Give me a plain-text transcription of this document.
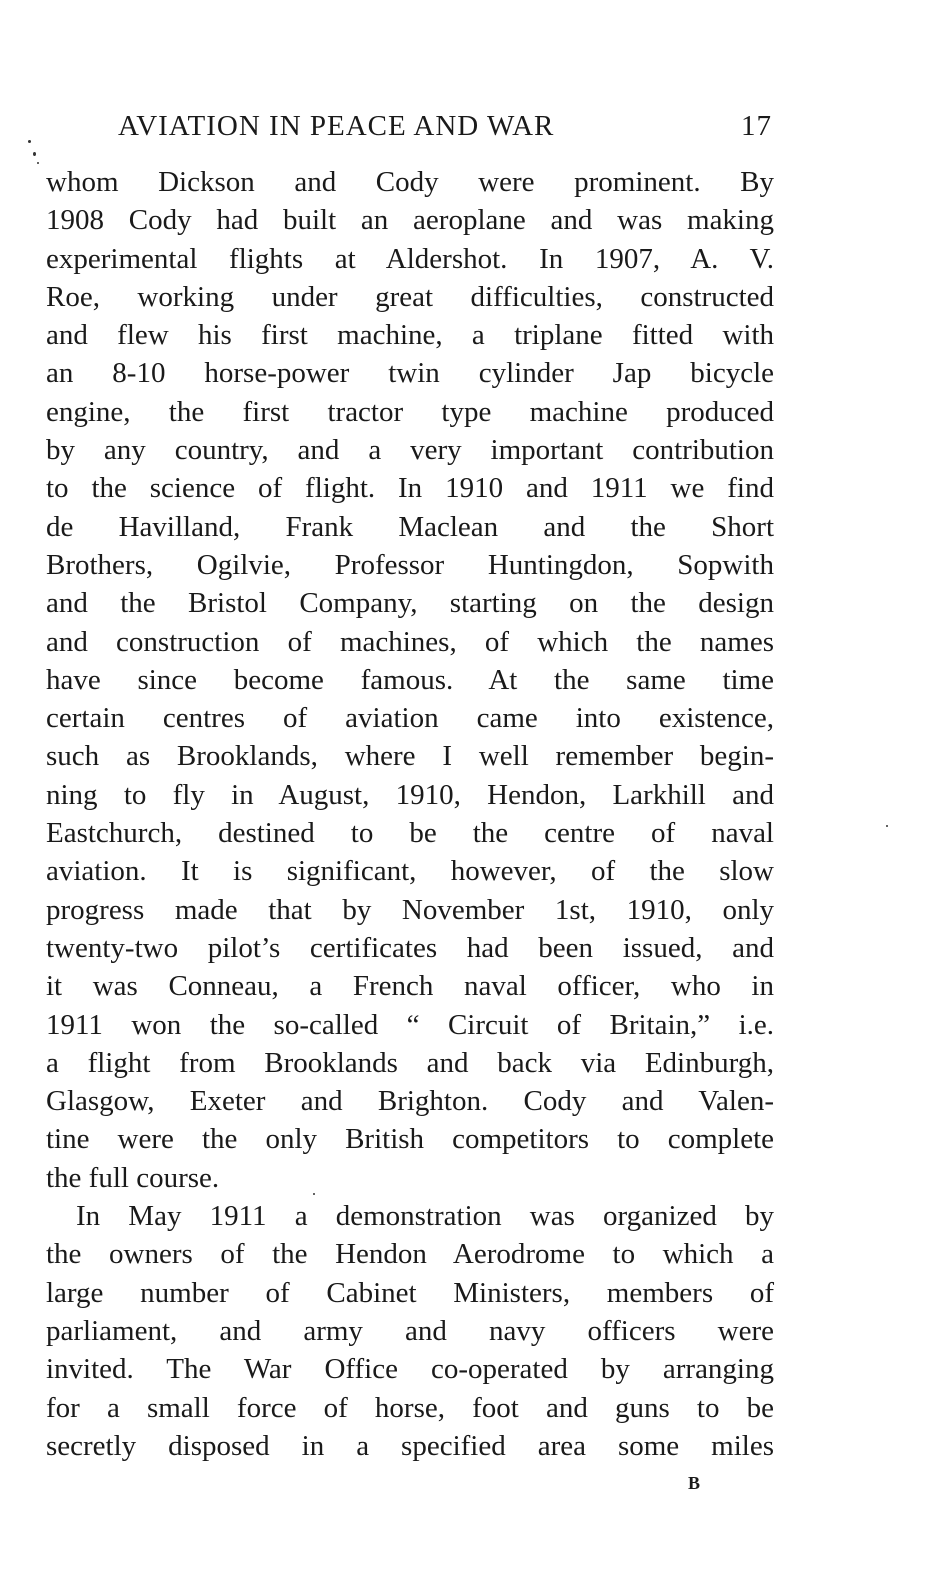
AVIATION IN PEACE AND WAR	17
whom Dickson and Cody were prominent. By
1908 Cody had built an aeroplane and was making
experimental flights at Aldershot. In 1907, A. V.
Roe, working under great difficulties, constructed
and flew his first machine, a triplane fitted with
an 8-10 horse-power twin cylinder Jap bicycle
engine, the first tractor type machine produced
by any country, and a very important contribution
to the science of flight. In 1910 and 1911 we find
de Havilland, Frank Maclean and the Short
Brothers, Ogilvie, Professor Huntingdon, Sopwith
and the Bristol Company, starting on the design
and construction of machines, of which the names
have since become famous. At the same time
certain centres of aviation came into existence,
such as Brooklands, where I well remember begin-
ning to fly in August, 1910, Hendon, Larkhill and
Eastchurch, destined to be the centre of naval
aviation. It is significant, however, of the slow
progress made that by November 1st, 1910, only
twenty-two pilot’s certificates had been issued, and
it was Conneau, a French naval officer, who in
1911 won the so-called “ Circuit of Britain,” i.e.
a flight from Brooklands and back via Edinburgh,
Glasgow, Exeter and Brighton. Cody and Valen-
tine were the only British competitors to complete
the full course.
In May 1911 a demonstration was organized by
the owners of the Hendon Aerodrome to which a
large number of Cabinet Ministers, members of
parliament, and army and navy officers were
invited. The War Office co-operated by arranging
for a small force of horse, foot and guns to be
secretly disposed in a specified area some miles
B
